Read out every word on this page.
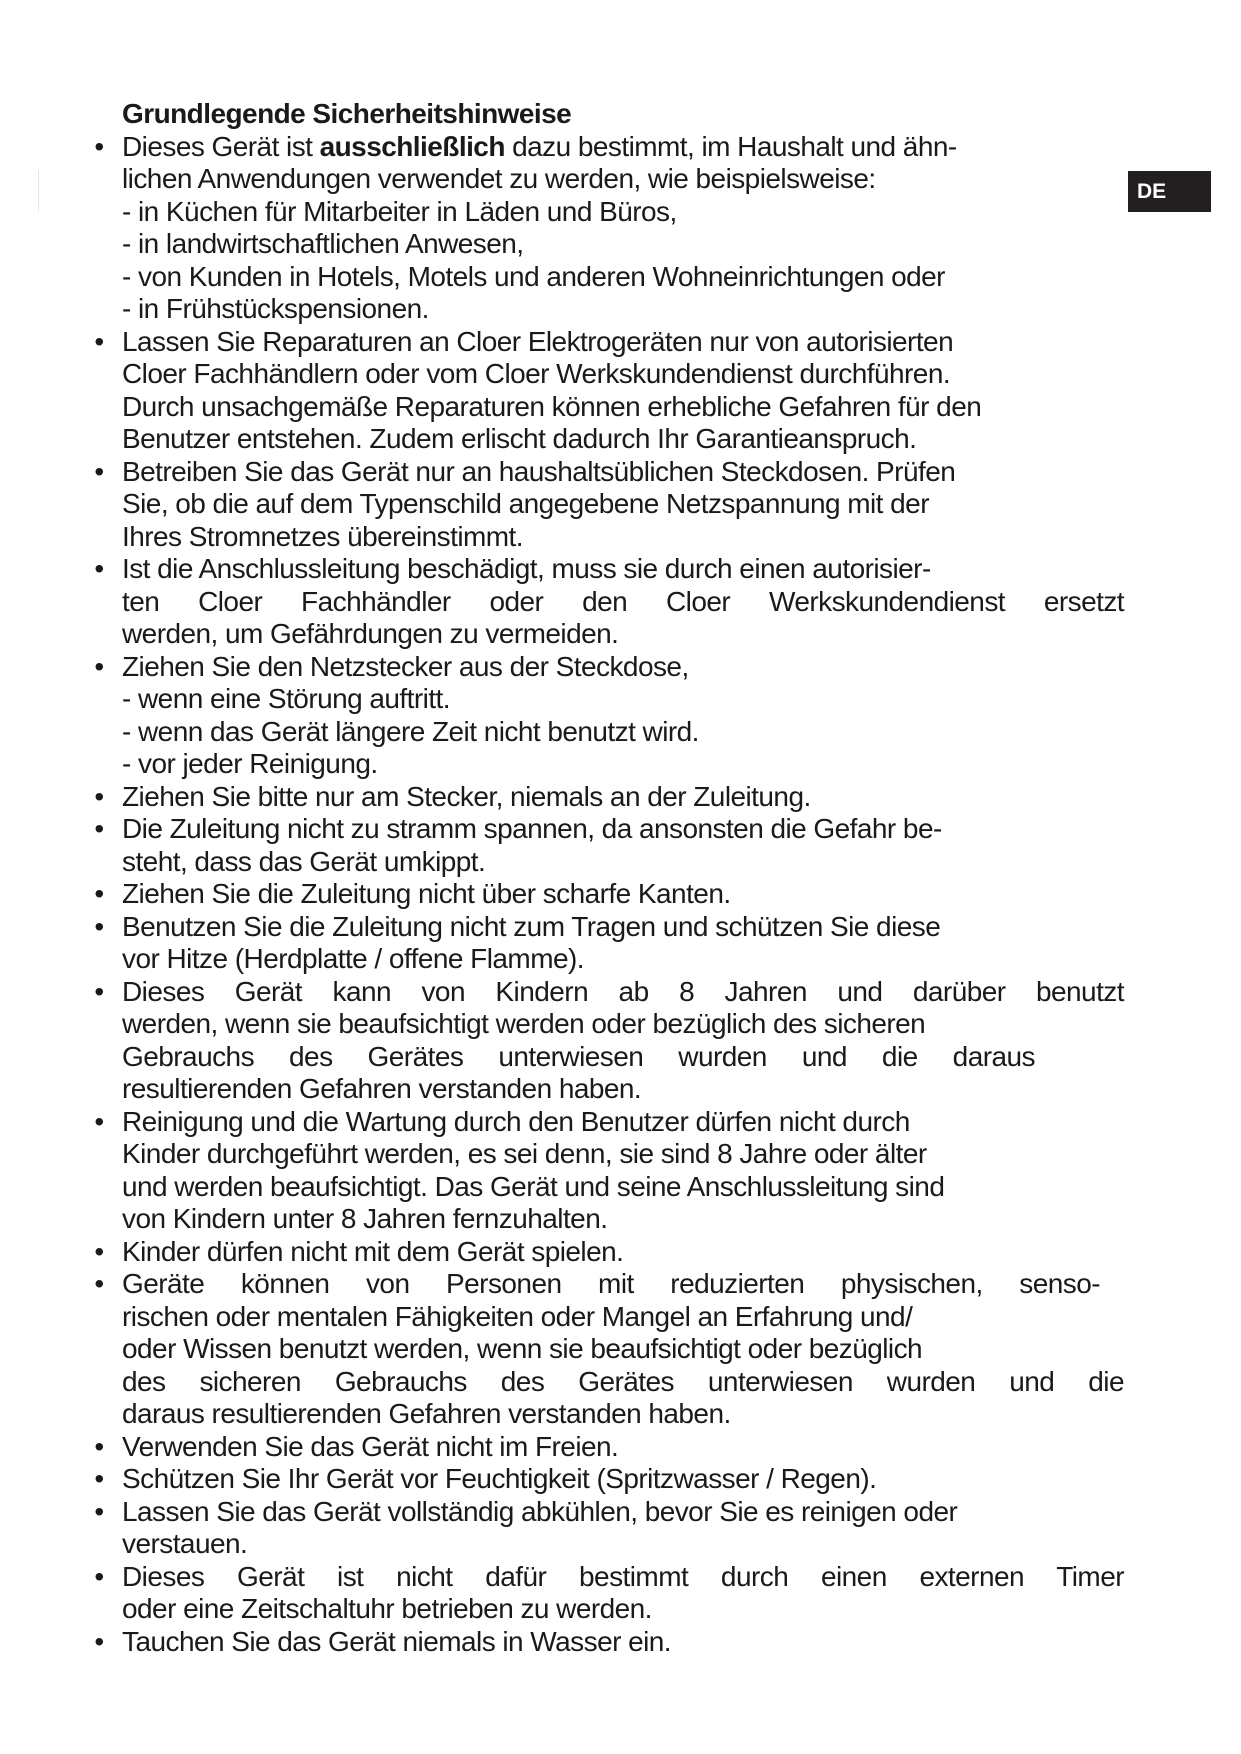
DE
Grundlegende Sicherheitshinweise
• Dieses Gerät ist ausschließlich dazu bestimmt, im Haushalt und ähn-
lichen Anwendungen verwendet zu werden, wie beispielsweise:
- in Küchen für Mitarbeiter in Läden und Büros,
- in landwirtschaftlichen Anwesen,
- von Kunden in Hotels, Motels und anderen Wohneinrichtungen oder
- in Frühstückspensionen.
• Lassen Sie Reparaturen an Cloer Elektrogeräten nur von autorisierten
Cloer Fachhändlern oder vom Cloer Werkskundendienst durchführen.
Durch unsachgemäße Reparaturen können erhebliche Gefahren für den
Benutzer entstehen. Zudem erlischt dadurch Ihr Garantieanspruch.
• Betreiben Sie das Gerät nur an haushaltsüblichen Steckdosen. Prüfen
Sie, ob die auf dem Typenschild angegebene Netzspannung mit der
Ihres Stromnetzes übereinstimmt.
• Ist die Anschlussleitung beschädigt, muss sie durch einen autorisier-
ten Cloer Fachhändler oder den Cloer Werkskundendienst ersetzt
werden, um Gefährdungen zu vermeiden.
• Ziehen Sie den Netzstecker aus der Steckdose,
- wenn eine Störung auftritt.
- wenn das Gerät längere Zeit nicht benutzt wird.
- vor jeder Reinigung.
• Ziehen Sie bitte nur am Stecker, niemals an der Zuleitung.
• Die Zuleitung nicht zu stramm spannen, da ansonsten die Gefahr be-
steht, dass das Gerät umkippt.
• Ziehen Sie die Zuleitung nicht über scharfe Kanten.
• Benutzen Sie die Zuleitung nicht zum Tragen und schützen Sie diese
vor Hitze (Herdplatte / offene Flamme).
• Dieses Gerät kann von Kindern ab 8 Jahren und darüber benutzt
werden, wenn sie beaufsichtigt werden oder bezüglich des sicheren
Gebrauchs des Gerätes unterwiesen wurden und die daraus
resultierenden Gefahren verstanden haben.
• Reinigung und die Wartung durch den Benutzer dürfen nicht durch
Kinder durchgeführt werden, es sei denn, sie sind 8 Jahre oder älter
und werden beaufsichtigt. Das Gerät und seine Anschlussleitung sind
von Kindern unter 8 Jahren fernzuhalten.
• Kinder dürfen nicht mit dem Gerät spielen.
• Geräte können von Personen mit reduzierten physischen, senso-
rischen oder mentalen Fähigkeiten oder Mangel an Erfahrung und/
oder Wissen benutzt werden, wenn sie beaufsichtigt oder bezüglich
des sicheren Gebrauchs des Gerätes unterwiesen wurden und die
daraus resultierenden Gefahren verstanden haben.
• Verwenden Sie das Gerät nicht im Freien.
• Schützen Sie Ihr Gerät vor Feuchtigkeit (Spritzwasser / Regen).
• Lassen Sie das Gerät vollständig abkühlen, bevor Sie es reinigen oder
verstauen.
• Dieses Gerät ist nicht dafür bestimmt durch einen externen Timer
oder eine Zeitschaltuhr betrieben zu werden.
• Tauchen Sie das Gerät niemals in Wasser ein.
